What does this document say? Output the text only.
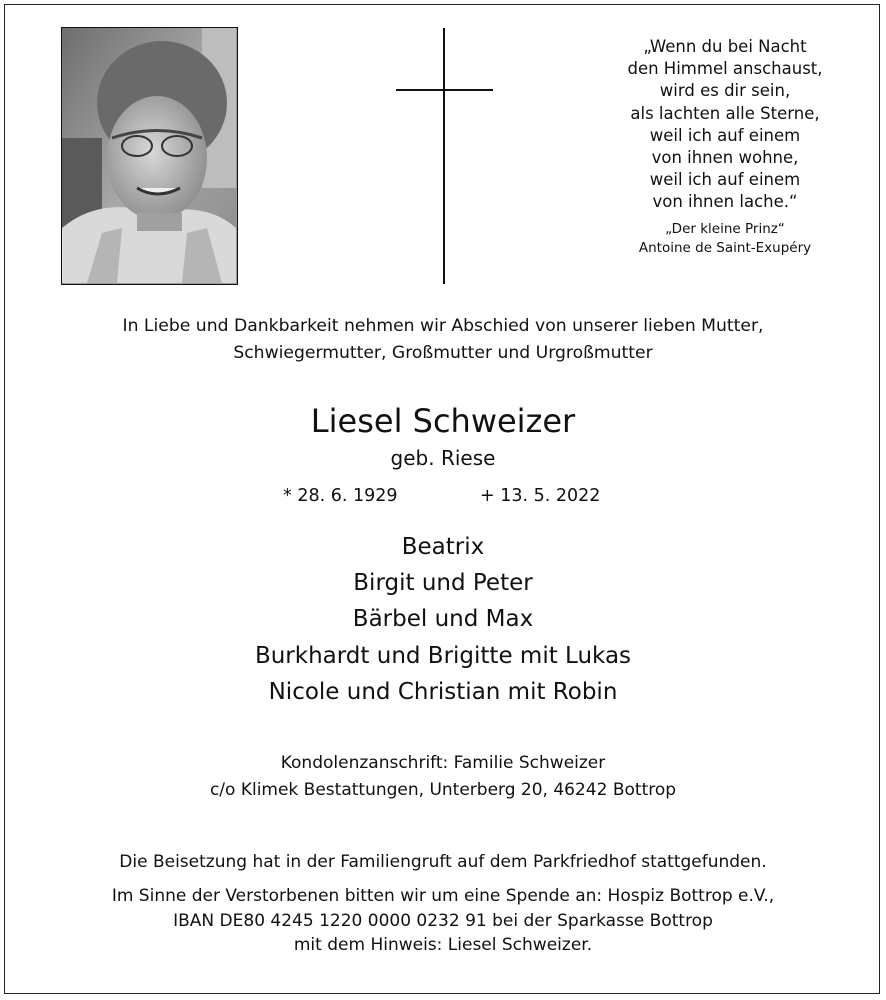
„Wenn du bei Nacht
den Himmel anschaust,
wird es dir sein,
als lachten alle Sterne,
weil ich auf einem
von ihnen wohne,
weil ich auf einem
von ihnen lache.“
„Der kleine Prinz“
Antoine de Saint-Exupéry
In Liebe und Dankbarkeit nehmen wir Abschied von unserer lieben Mutter,
Schwiegermutter, Großmutter und Urgroßmutter
Liesel Schweizer
geb. Riese
* 28. 6. 1929	+ 13. 5. 2022
Beatrix
Birgit und Peter
Bärbel und Max
Burkhardt und Brigitte mit Lukas
Nicole und Christian mit Robin
Kondolenzanschrift: Familie Schweizer
c/o Klimek Bestattungen, Unterberg 20, 46242 Bottrop
Die Beisetzung hat in der Familiengruft auf dem Parkfriedhof stattgefunden.
Im Sinne der Verstorbenen bitten wir um eine Spende an: Hospiz Bottrop e.V.,
IBAN DE80 4245 1220 0000 0232 91 bei der Sparkasse Bottrop
mit dem Hinweis: Liesel Schweizer.
